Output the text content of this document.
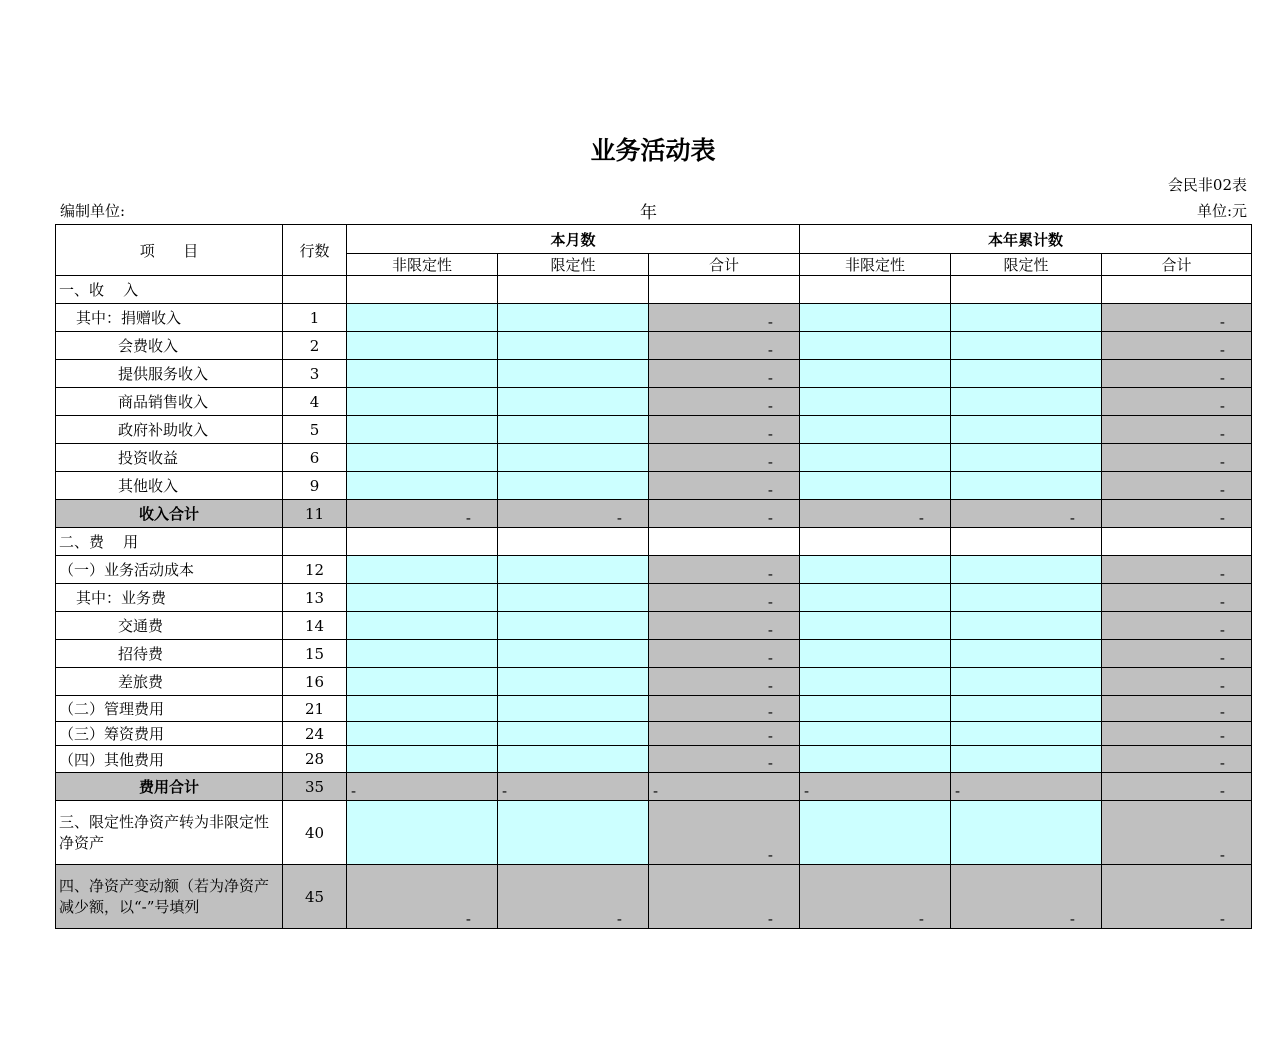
业务活动表
会民非02表
编制单位:	年	单位:元
项      目	行数	本月数			本年累计数		
		非限定性	限定性	合计	非限定性	限定性	合计
一、收    入							
其中：捐赠收入	1			-			-
会费收入	2			-			-
提供服务收入	3			-			-
商品销售收入	4			-			-
政府补助收入	5			-			-
投资收益	6			-			-
其他收入	9			-			-
收入合计	11	-	-	-	-	-	-
二、费    用							
（一）业务活动成本	12			-			-
其中：业务费	13			-			-
交通费	14			-			-
招待费	15			-			-
差旅费	16			-			-
（二）管理费用	21			-			-
（三）筹资费用	24			-			-
（四）其他费用	28			-			-
费用合计	35	-	-	-	-	-	-
三、限定性净资产转为非限定性净资产	40			-			-

四、净资产变动额（若为净资产减少额，以“-”号填列	45	-	-	-	-	-	-
